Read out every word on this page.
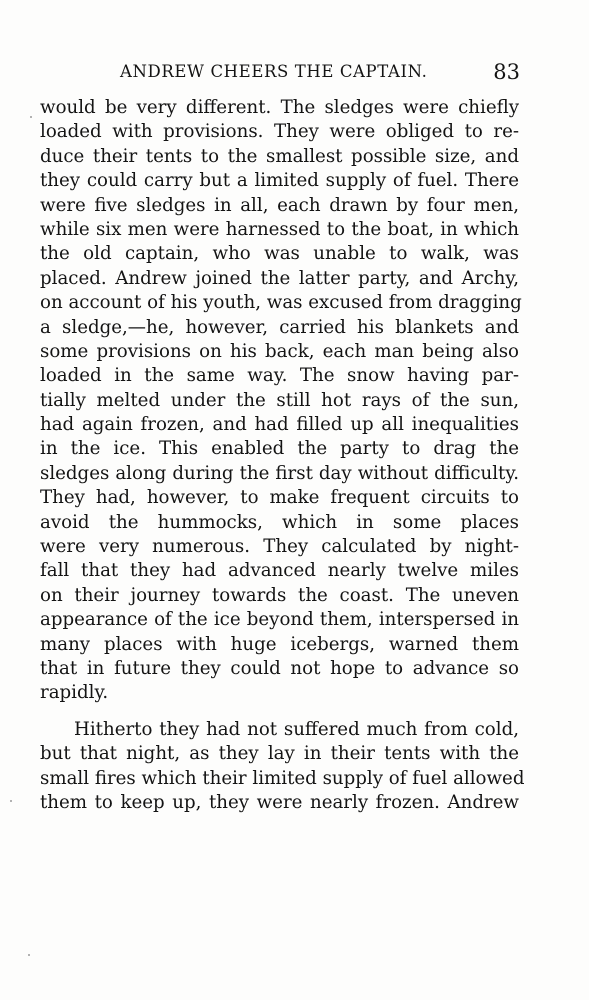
ANDREW CHEERS THE CAPTAIN.	83
would be very different. The sledges were chiefly
loaded with provisions. They were obliged to re-
duce their tents to the smallest possible size, and
they could carry but a limited supply of fuel. There
were five sledges in all, each drawn by four men,
while six men were harnessed to the boat, in which
the old captain, who was unable to walk, was
placed. Andrew joined the latter party, and Archy,
on account of his youth, was excused from dragging
a sledge,—he, however, carried his blankets and
some provisions on his back, each man being also
loaded in the same way. The snow having par-
tially melted under the still hot rays of the sun,
had again frozen, and had filled up all inequalities
in the ice. This enabled the party to drag the
sledges along during the first day without difficulty.
They had, however, to make frequent circuits to
avoid the hummocks, which in some places
were very numerous. They calculated by night-
fall that they had advanced nearly twelve miles
on their journey towards the coast. The uneven
appearance of the ice beyond them, interspersed in
many places with huge icebergs, warned them
that in future they could not hope to advance so
rapidly.
Hitherto they had not suffered much from cold,
but that night, as they lay in their tents with the
small fires which their limited supply of fuel allowed
them to keep up, they were nearly frozen. Andrew
